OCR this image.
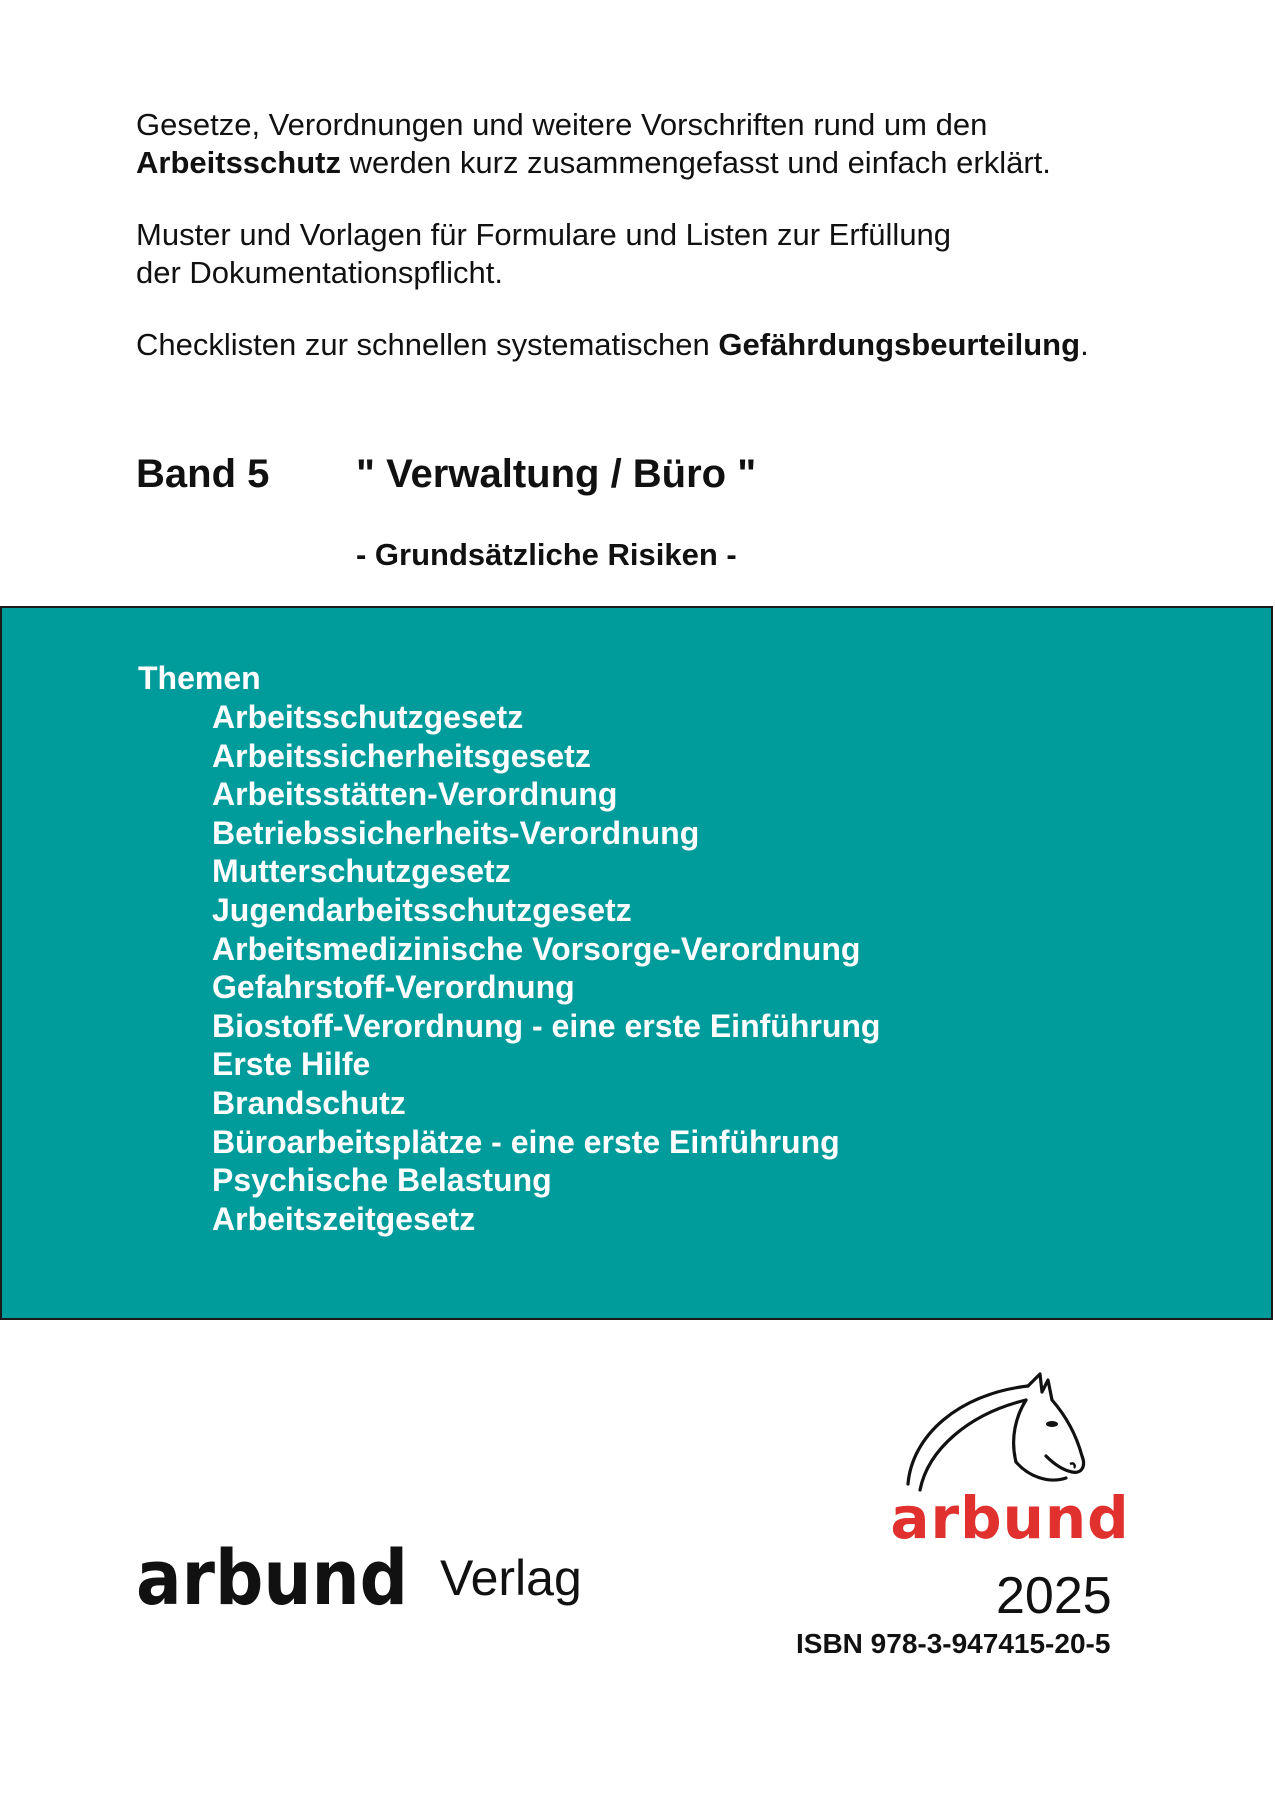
Gesetze, Verordnungen und weitere Vorschriften rund um den
Arbeitsschutz werden kurz zusammengefasst und einfach erklärt.

Muster und Vorlagen für Formulare und Listen zur Erfüllung der Dokumentationspflicht.

Checklisten zur schnellen systematischen Gefährdungsbeurteilung.

Band 5 " Verwaltung / Büro "
- Grundsätzliche Risiken -
Themen
Arbeitsschutzgesetz
Arbeitssicherheitsgesetz
Arbeitsstätten-Verordnung
Betriebssicherheits-Verordnung
Mutterschutzgesetz
Jugendarbeitsschutzgesetz
Arbeitsmedizinische Vorsorge-Verordnung
Gefahrstoff-Verordnung
Biostoff-Verordnung - eine erste Einführung
Erste Hilfe
Brandschutz
Büroarbeitsplätze - eine erste Einführung
Psychische Belastung
Arbeitszeitgesetz
arbund
2025
ISBN 978-3-947415-20-5
arbund Verlag
